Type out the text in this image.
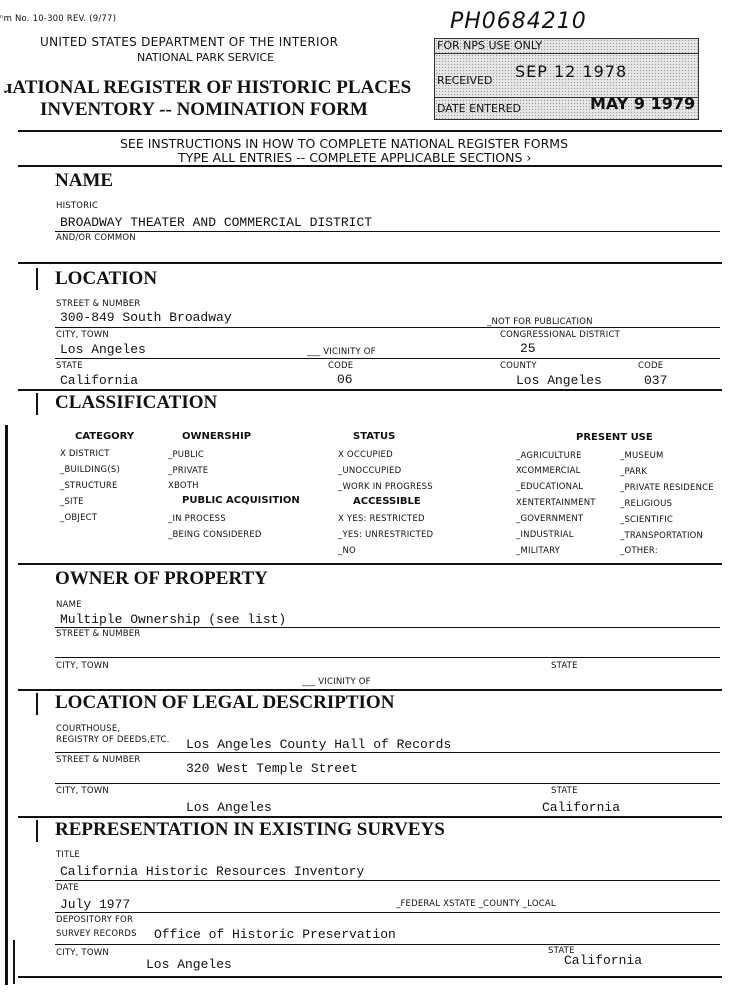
ⁿm No. 10-300 REV. (9/77)
UNITED STATES DEPARTMENT OF THE INTERIOR
NATIONAL PARK SERVICE
ɹATIONAL REGISTER OF HISTORIC PLACES
INVENTORY -- NOMINATION FORM
PH0684210
FOR NPS USE ONLY
RECEIVED SEP 12 1978
DATE ENTERED	MAY 9 1979
SEE INSTRUCTIONS IN HOW TO COMPLETE NATIONAL REGISTER FORMS
TYPE ALL ENTRIES -- COMPLETE APPLICABLE SECTIONS ›
NAME
HISTORIC
BROADWAY THEATER AND COMMERCIAL DISTRICT
AND/OR COMMON
LOCATION
STREET & NUMBER
300-849 South Broadway	_NOT FOR PUBLICATION
CITY, TOWN	CONGRESSIONAL DISTRICT
Los Angeles	___ VICINITY OF	25
STATE	CODE	COUNTY	CODE
California	06	Los Angeles	037
CLASSIFICATION
CATEGORY
X DISTRICT
_BUILDING(S)
_STRUCTURE
_SITE
_OBJECT
OWNERSHIP
_PUBLIC
_PRIVATE
XBOTH
PUBLIC ACQUISITION
_IN PROCESS
_BEING CONSIDERED
STATUS
X OCCUPIED
_UNOCCUPIED
_WORK IN PROGRESS
ACCESSIBLE
X YES: RESTRICTED
_YES: UNRESTRICTED
_NO
PRESENT USE
_AGRICULTURE
XCOMMERCIAL
_EDUCATIONAL
XENTERTAINMENT
_GOVERNMENT
_INDUSTRIAL
_MILITARY
_MUSEUM
_PARK
_PRIVATE RESIDENCE
_RELIGIOUS
_SCIENTIFIC
_TRANSPORTATION
_OTHER:
OWNER OF PROPERTY
NAME
Multiple Ownership (see list)
STREET & NUMBER
CITY, TOWN	STATE
___ VICINITY OF
LOCATION OF LEGAL DESCRIPTION
COURTHOUSE,
REGISTRY OF DEEDS,ETC. Los Angeles County Hall of Records
STREET & NUMBER
320 West Temple Street
CITY, TOWN	STATE
Los Angeles	California
REPRESENTATION IN EXISTING SURVEYS
TITLE
California Historic Resources Inventory
DATE
July 1977	_FEDERAL XSTATE _COUNTY _LOCAL
DEPOSITORY FOR
SURVEY RECORDS Office of Historic Preservation
CITY, TOWN	STATE
Los Angeles	California
